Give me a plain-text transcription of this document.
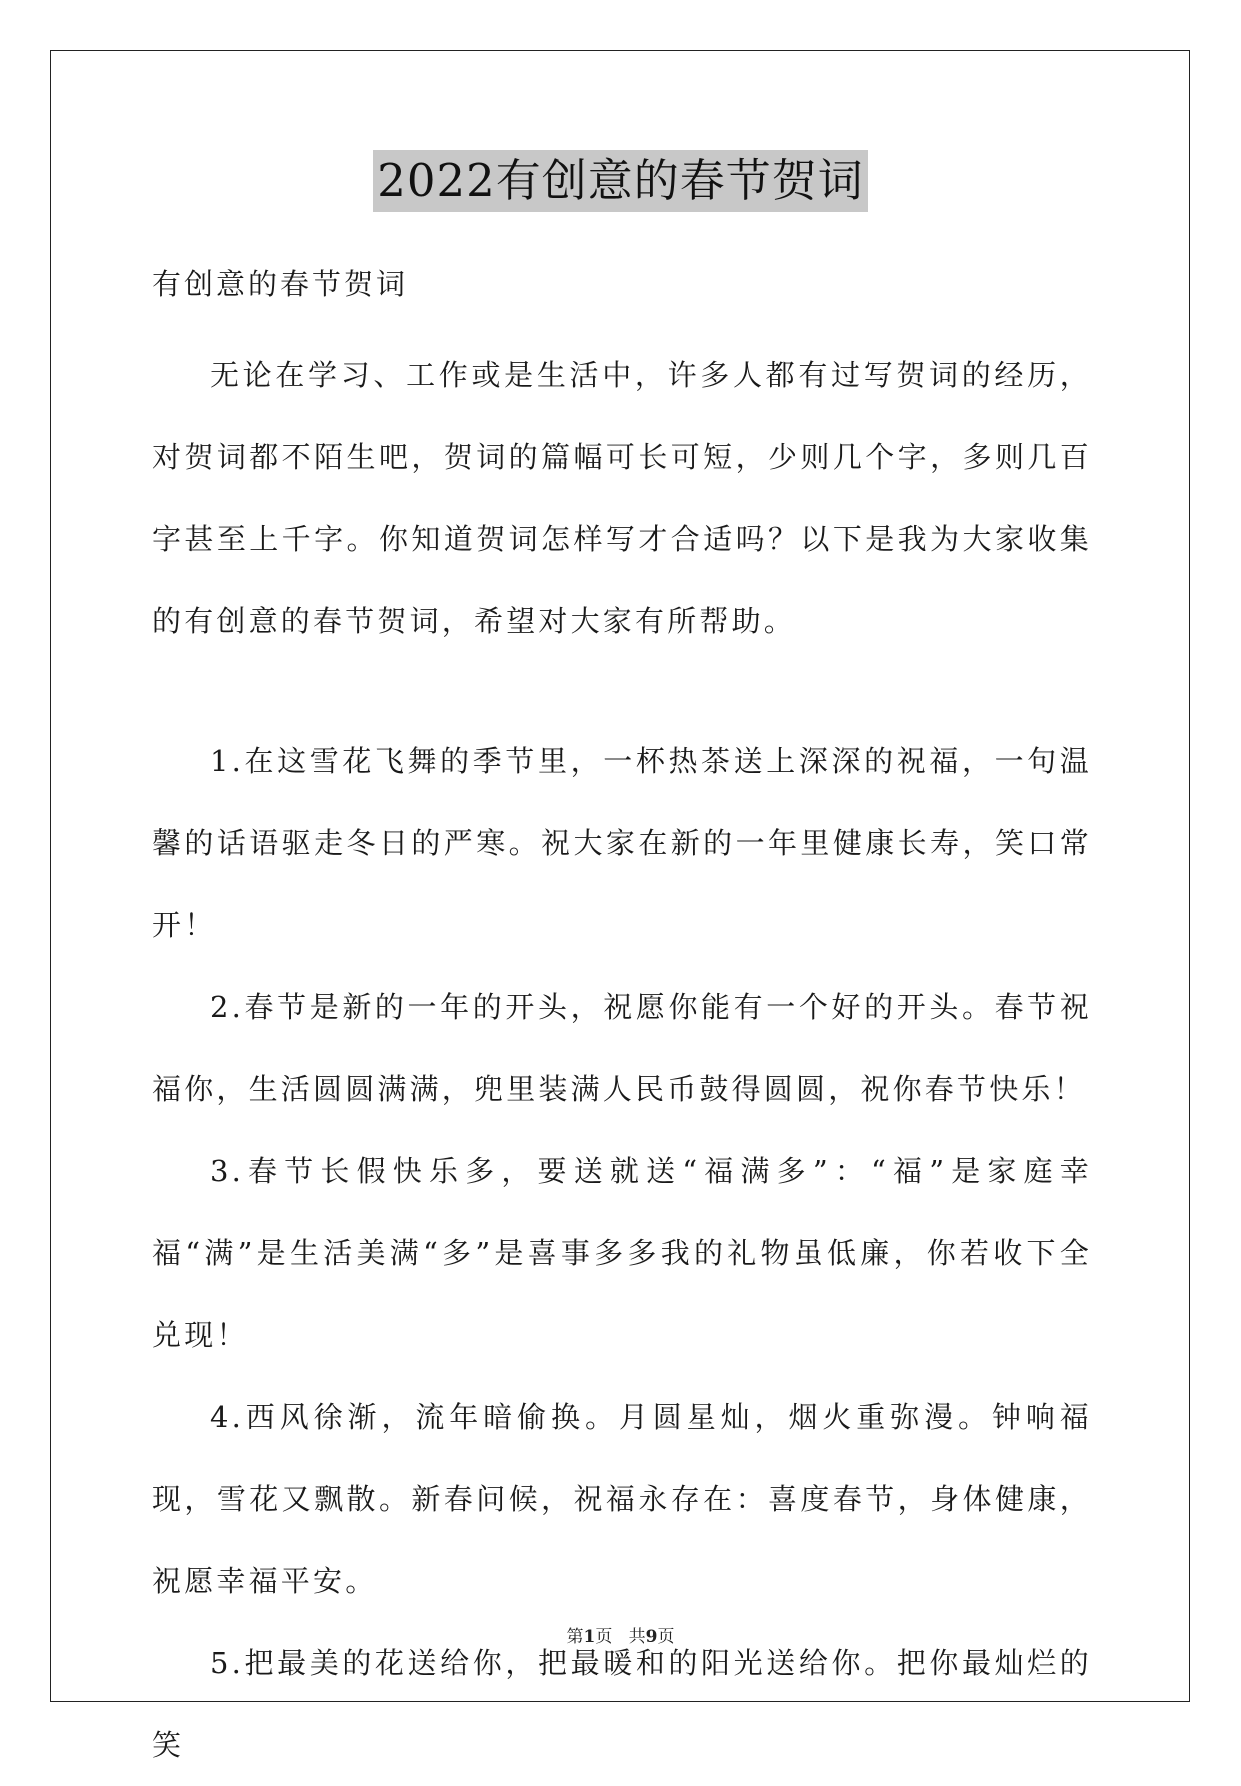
2022有创意的春节贺词

有创意的春节贺词

无论在学习、工作或是生活中，许多人都有过写贺词的经历，对贺词都不陌生吧，贺词的篇幅可长可短，少则几个字，多则几百字甚至上千字。你知道贺词怎样写才合适吗？以下是我为大家收集的有创意的春节贺词，希望对大家有所帮助。

1.在这雪花飞舞的季节里，一杯热茶送上深深的祝福，一句温馨的话语驱走冬日的严寒。祝大家在新的一年里健康长寿，笑口常开！

2.春节是新的一年的开头，祝愿你能有一个好的开头。春节祝福你，生活圆圆满满，兜里装满人民币鼓得圆圆，祝你春节快乐！

3.春节长假快乐多，要送就送“福满多”：“福”是家庭幸福“满”是生活美满“多”是喜事多多我的礼物虽低廉，你若收下全兑现！

4.西风徐渐，流年暗偷换。月圆星灿，烟火重弥漫。钟响福现，雪花又飘散。新春问候，祝福永存在：喜度春节，身体健康，祝愿幸福平安。

5.把最美的花送给你，把最暖和的阳光送给你。把你最灿烂的笑

第1页 共9页
